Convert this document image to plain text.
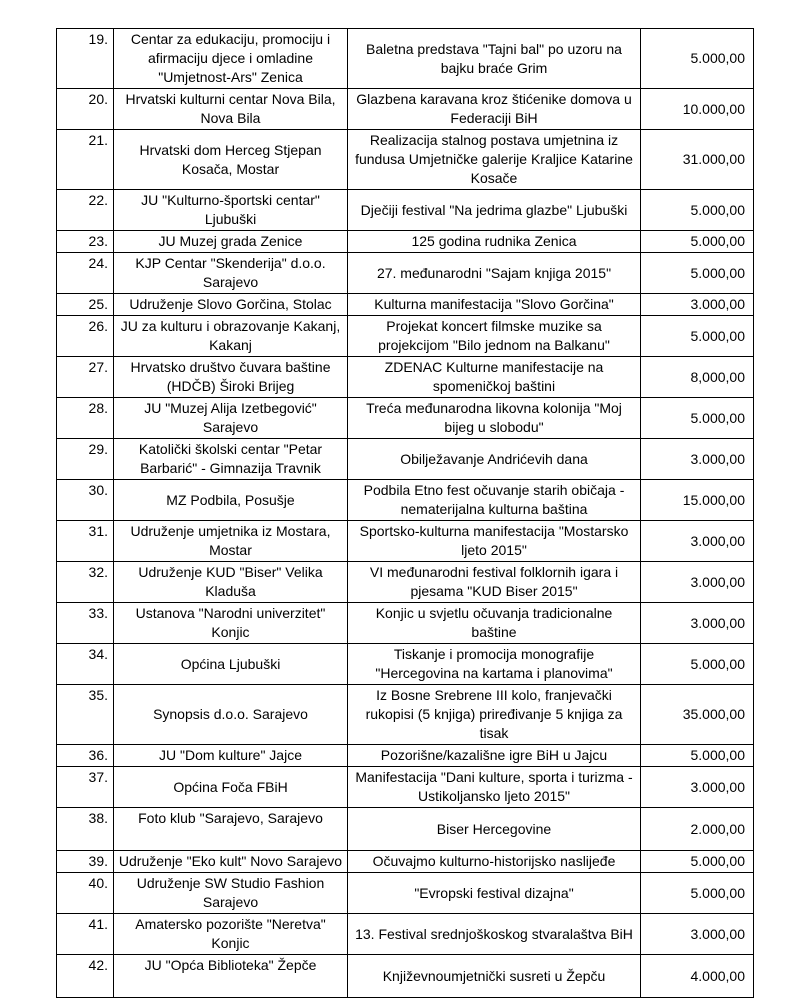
19.	Centar za edukaciju, promociju i afirmaciju djece i omladine "Umjetnost-Ars" Zenica	Baletna predstava "Tajni bal" po uzoru na bajku braće Grim	5.000,00
20.	Hrvatski kulturni centar Nova Bila, Nova Bila	Glazbena karavana kroz štićenike domova u Federaciji BiH	10.000,00
21.	Hrvatski dom Herceg Stjepan Kosača, Mostar	Realizacija stalnog postava umjetnina iz fundusa Umjetničke galerije Kraljice Katarine Kosače	31.000,00
22.	JU "Kulturno-športski centar" Ljubuški	Dječiji festival "Na jedrima glazbe" Ljubuški	5.000,00
23.	JU Muzej grada Zenice	125 godina rudnika Zenica	5.000,00
24.	KJP Centar "Skenderija" d.o.o. Sarajevo	27. međunarodni "Sajam knjiga 2015"	5.000,00
25.	Udruženje Slovo Gorčina, Stolac	Kulturna manifestacija "Slovo Gorčina"	3.000,00
26.	JU za kulturu i obrazovanje Kakanj, Kakanj	Projekat koncert filmske muzike sa projekcijom "Bilo jednom na Balkanu"	5.000,00
27.	Hrvatsko društvo čuvara baštine (HDČB) Široki Brijeg	ZDENAC Kulturne manifestacije na spomeničkoj baštini	8,000,00
28.	JU "Muzej Alija Izetbegović" Sarajevo	Treća međunarodna likovna kolonija "Moj bijeg u slobodu"	5.000,00
29.	Katolički školski centar "Petar Barbarić" - Gimnazija Travnik	Obilježavanje Andrićevih dana	3.000,00
30.	MZ Podbila, Posušje	Podbila Etno fest očuvanje starih običaja - nematerijalna kulturna baština	15.000,00
31.	Udruženje umjetnika iz Mostara, Mostar	Sportsko-kulturna manifestacija "Mostarsko ljeto 2015"	3.000,00
32.	Udruženje KUD "Biser" Velika Kladuša	VI međunarodni festival folklornih igara i pjesama "KUD Biser 2015"	3.000,00
33.	Ustanova "Narodni univerzitet" Konjic	Konjic u svjetlu očuvanja tradicionalne baštine	3.000,00
34.	Općina Ljubuški	Tiskanje i promocija monografije "Hercegovina na kartama i planovima"	5.000,00
35.	Synopsis d.o.o. Sarajevo	Iz Bosne Srebrene III kolo, franjevački rukopisi (5 knjiga) priređivanje 5 knjiga za tisak	35.000,00
36.	JU "Dom kulture" Jajce	Pozorišne/kazališne igre BiH u Jajcu	5.000,00
37.	Općina Foča FBiH	Manifestacija "Dani kulture, sporta i turizma - Ustikoljansko ljeto 2015"	3.000,00
38.	Foto klub "Sarajevo, Sarajevo	Biser Hercegovine	2.000,00
39.	Udruženje "Eko kult" Novo Sarajevo	Očuvajmo kulturno-historijsko naslijeđe	5.000,00
40.	Udruženje SW Studio Fashion Sarajevo	"Evropski festival dizajna"	5.000,00
41.	Amatersko pozorište "Neretva" Konjic	13. Festival srednjoškoskog stvaralaštva BiH	3.000,00
42.	JU "Opća Biblioteka" Žepče	Književnoumjetnički susreti u Žepču	4.000,00
